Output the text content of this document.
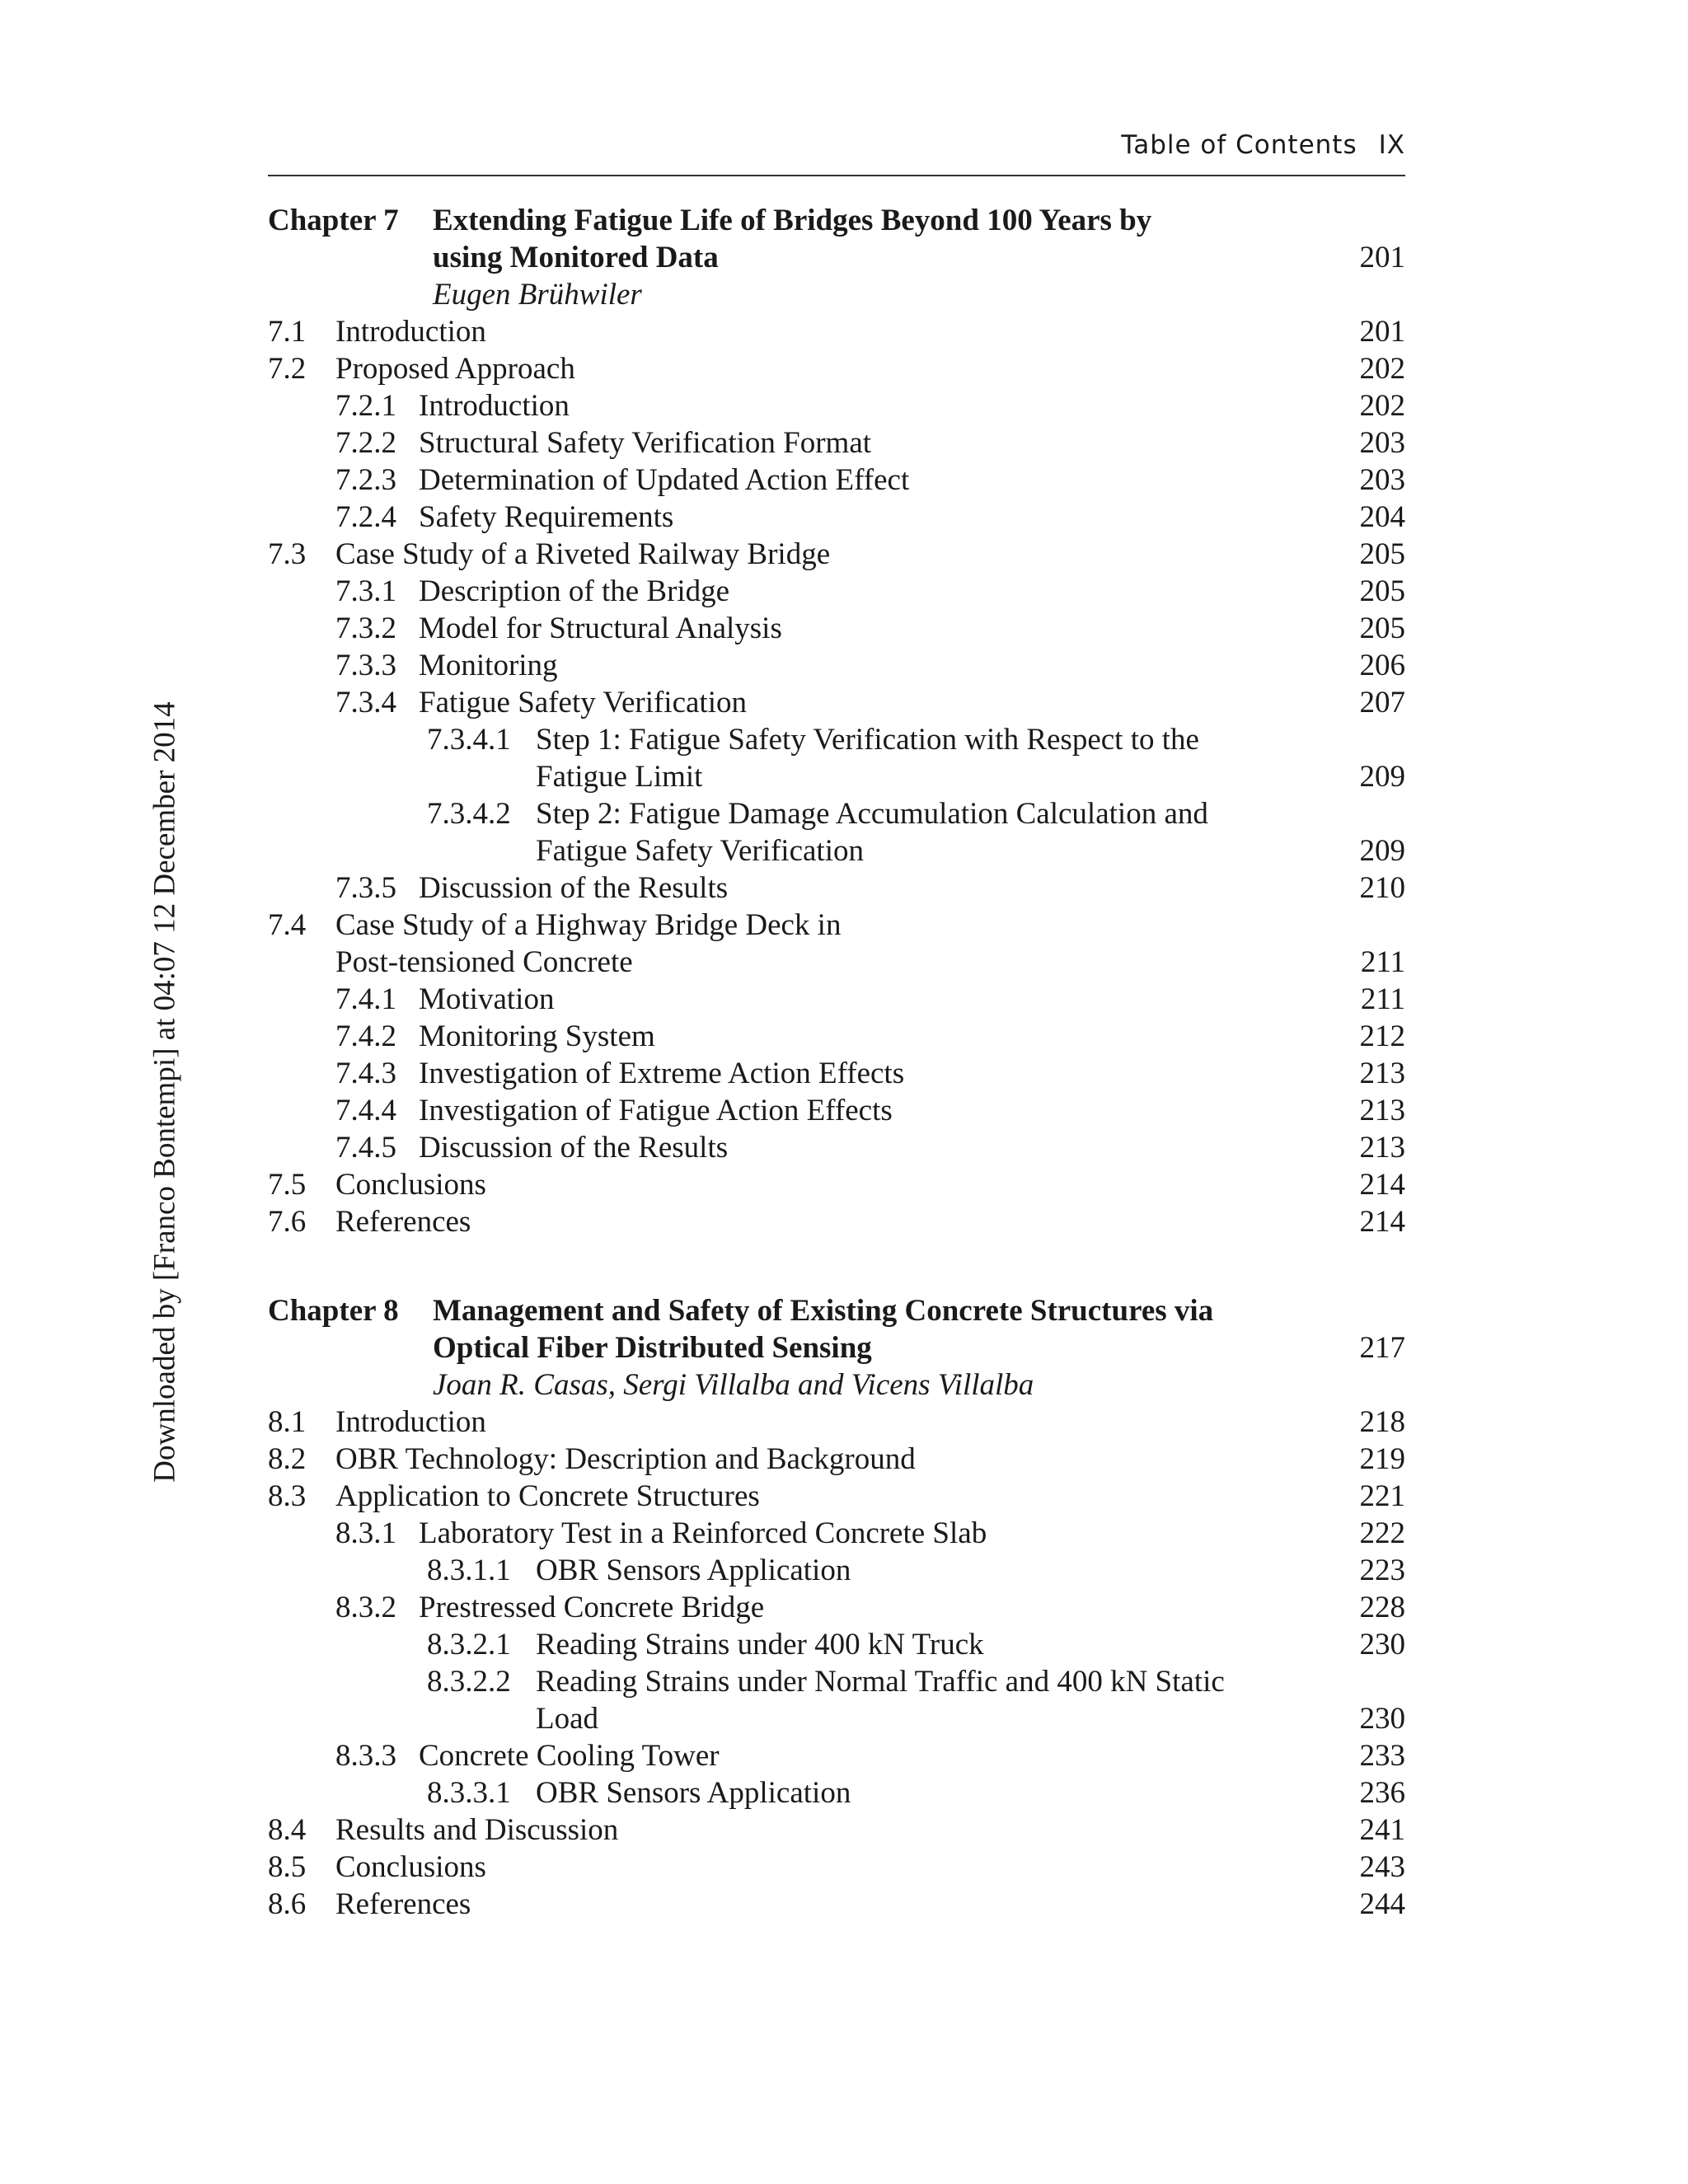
Table of Contents IX
Downloaded by [Franco Bontempi] at 04:07 12 December 2014
Chapter 7 Extending Fatigue Life of Bridges Beyond 100 Years by
using Monitored Data	201
Eugen Brühwiler
7.1 Introduction	201
7.2 Proposed Approach	202
7.2.1 Introduction	202
7.2.2 Structural Safety Verification Format	203
7.2.3 Determination of Updated Action Effect	203
7.2.4 Safety Requirements	204
7.3 Case Study of a Riveted Railway Bridge	205
7.3.1 Description of the Bridge	205
7.3.2 Model for Structural Analysis	205
7.3.3 Monitoring	206
7.3.4 Fatigue Safety Verification	207
7.3.4.1 Step 1: Fatigue Safety Verification with Respect to the
Fatigue Limit	209
7.3.4.2 Step 2: Fatigue Damage Accumulation Calculation and
Fatigue Safety Verification	209
7.3.5 Discussion of the Results	210
7.4 Case Study of a Highway Bridge Deck in
Post-tensioned Concrete	211
7.4.1 Motivation	211
7.4.2 Monitoring System	212
7.4.3 Investigation of Extreme Action Effects	213
7.4.4 Investigation of Fatigue Action Effects	213
7.4.5 Discussion of the Results	213
7.5 Conclusions	214
7.6 References	214
Chapter 8 Management and Safety of Existing Concrete Structures via
Optical Fiber Distributed Sensing	217
Joan R. Casas, Sergi Villalba and Vicens Villalba
8.1 Introduction	218
8.2 OBR Technology: Description and Background	219
8.3 Application to Concrete Structures	221
8.3.1 Laboratory Test in a Reinforced Concrete Slab	222
8.3.1.1 OBR Sensors Application	223
8.3.2 Prestressed Concrete Bridge	228
8.3.2.1 Reading Strains under 400 kN Truck	230
8.3.2.2 Reading Strains under Normal Traffic and 400 kN Static
Load	230
8.3.3 Concrete Cooling Tower	233
8.3.3.1 OBR Sensors Application	236
8.4 Results and Discussion	241
8.5 Conclusions	243
8.6 References	244
